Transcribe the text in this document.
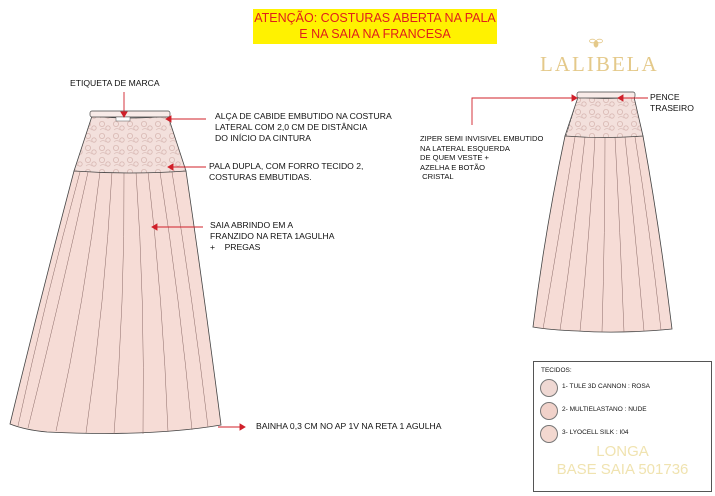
ATENÇÃO: COSTURAS ABERTA NA PALA
E NA SAIA NA FRANCESA
LALIBELA
ETIQUETA DE MARCA
ALÇA DE CABIDE EMBUTIDO NA COSTURA
LATERAL COM 2,0 CM DE DISTÂNCIA
DO INÍCIO DA CINTURA
PALA DUPLA, COM FORRO TECIDO 2,
COSTURAS EMBUTIDAS.
SAIA ABRINDO EM A
FRANZIDO NA RETA 1AGULHA
+    PREGAS
BAINHA 0,3 CM NO AP 1V NA RETA 1 AGULHA
PENCE
TRASEIRO
ZIPER SEMI INVISIVEL EMBUTIDO
NA LATERAL ESQUERDA
DE QUEM VESTE +
AZELHA E BOTÃO
CRISTAL
TECIDOS:
1- TULE 3D CANNON : ROSA
2- MULTIELASTANO : NUDE
3- LYOCELL SILK : I04
LONGA
BASE SAIA 501736
